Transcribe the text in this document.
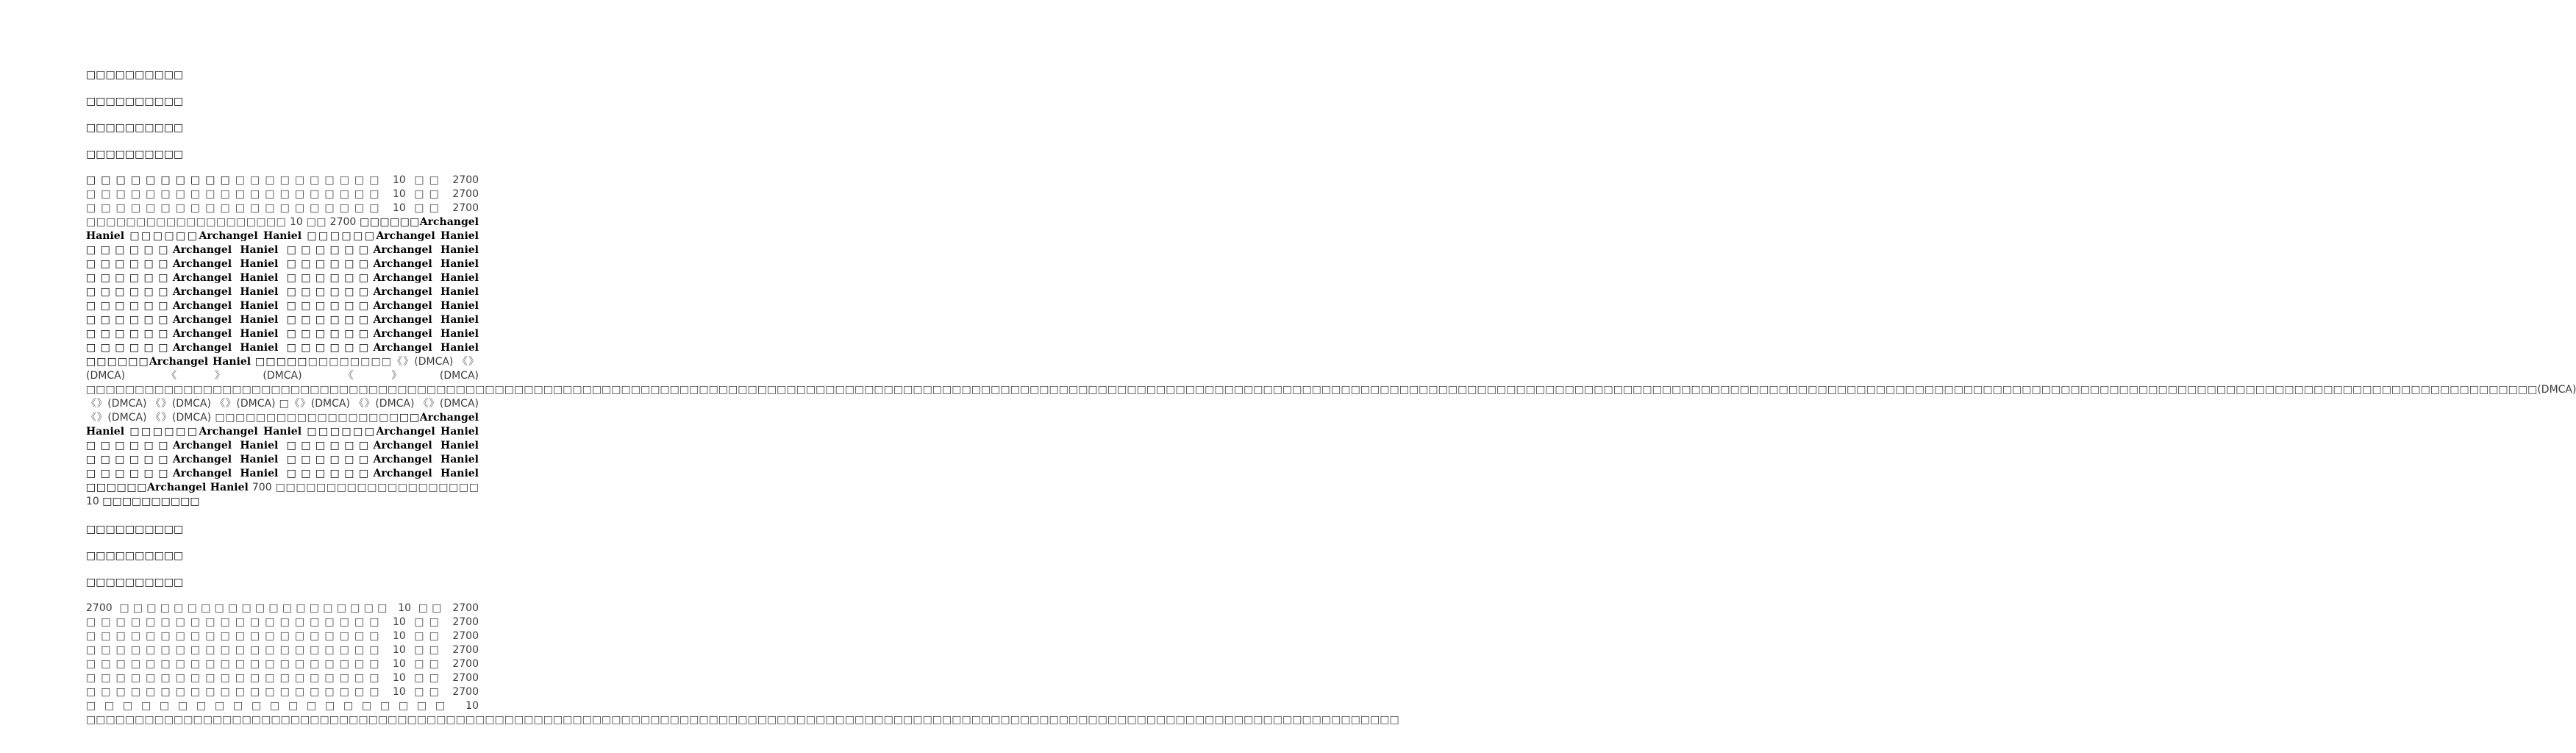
□□□□□□□□□□
□□□□□□□□□□
□□□□□□□□□□
□□□□□□□□□□

□□□□□□□□□□□□□□□□□□□□ 10 □□ 2700 □□□□□□□□□□□□□□□□□□□□ 10 □□ 2700 □□□□□□□□□□□□□□□□□□□□ 10 □□ 2700 □□□□□□□□□□□□□□□□□□□□ 10 □□ 2700 □□□□□□Archangel Haniel □□□□□□Archangel Haniel □□□□□□Archangel Haniel □□□□□□Archangel Haniel □□□□□□Archangel Haniel □□□□□□Archangel Haniel □□□□□□Archangel Haniel □□□□□□Archangel Haniel □□□□□□Archangel Haniel □□□□□□Archangel Haniel □□□□□□Archangel Haniel □□□□□□Archangel Haniel □□□□□□Archangel Haniel □□□□□□Archangel Haniel □□□□□□Archangel Haniel □□□□□□Archangel Haniel □□□□□□Archangel Haniel □□□□□□Archangel Haniel □□□□□□Archangel Haniel □□□□□□Archangel Haniel □□□□□□□□□□□□□《》(DMCA) 《》(DMCA) 《》(DMCA) 《》(DMCA) □□□□□□□□□□□□□□□□□□□□□□□□□□□□□□□□□□□□□□□□□□□□□□□□□□□□□□□□□□□□□□□□□□□□□□□□□□□□□□□□□□□□□□□□□□□□□□□□□□□□□□□□□□□□□□□□□□□□□□□□□□□□□□□□□□□□□□□□□□□□□□□□□□□□□□□□□□□□□□□□□□□□□□□□□□□□□□□□□□□□□□□□□□□□□□□□□□□□□□□□□□□□□□□□□□□□□□□□□□□□□□□□□□□□□□□□□□□□□□□□□□□□□□□□□□□□(DMCA) 《》(DMCA) 《》(DMCA) 《》(DMCA) □《》(DMCA) 《》(DMCA) 《》(DMCA) 《》(DMCA) 《》(DMCA) □□□□□□□□□□□□□□□□□□□□Archangel Haniel □□□□□□Archangel Haniel □□□□□□Archangel Haniel □□□□□□Archangel Haniel □□□□□□Archangel Haniel □□□□□□Archangel Haniel □□□□□□Archangel Haniel □□□□□□Archangel Haniel □□□□□□Archangel Haniel □□□□□□Archangel Haniel 700 □□□□□□□□□□□□□□□□□□□□ 10 □□□□□□□□□□

□□□□□□□□□□
□□□□□□□□□□
□□□□□□□□□□

2700 □□□□□□□□□□□□□□□□□□□□ 10 □□ 2700 □□□□□□□□□□□□□□□□□□□□ 10 □□ 2700 □□□□□□□□□□□□□□□□□□□□ 10 □□ 2700 □□□□□□□□□□□□□□□□□□□□ 10 □□ 2700 □□□□□□□□□□□□□□□□□□□□ 10 □□ 2700 □□□□□□□□□□□□□□□□□□□□ 10 □□ 2700 □□□□□□□□□□□□□□□□□□□□ 10 □□ 2700 □□□□□□□□□□□□□□□□□□□□ 10 □□□□□□□□□□□□□□□□□□□□□□□□□□□□□□□□□□□□□□□□□□□□□□□□□□□□□□□□□□□□□□□□□□□□□□□□□□□□□□□□□□□□□□□□□□□□□□□□□□□□□□□□□□□□□□□□□□□□□□□□□□□□□□□□□□□□□□□
